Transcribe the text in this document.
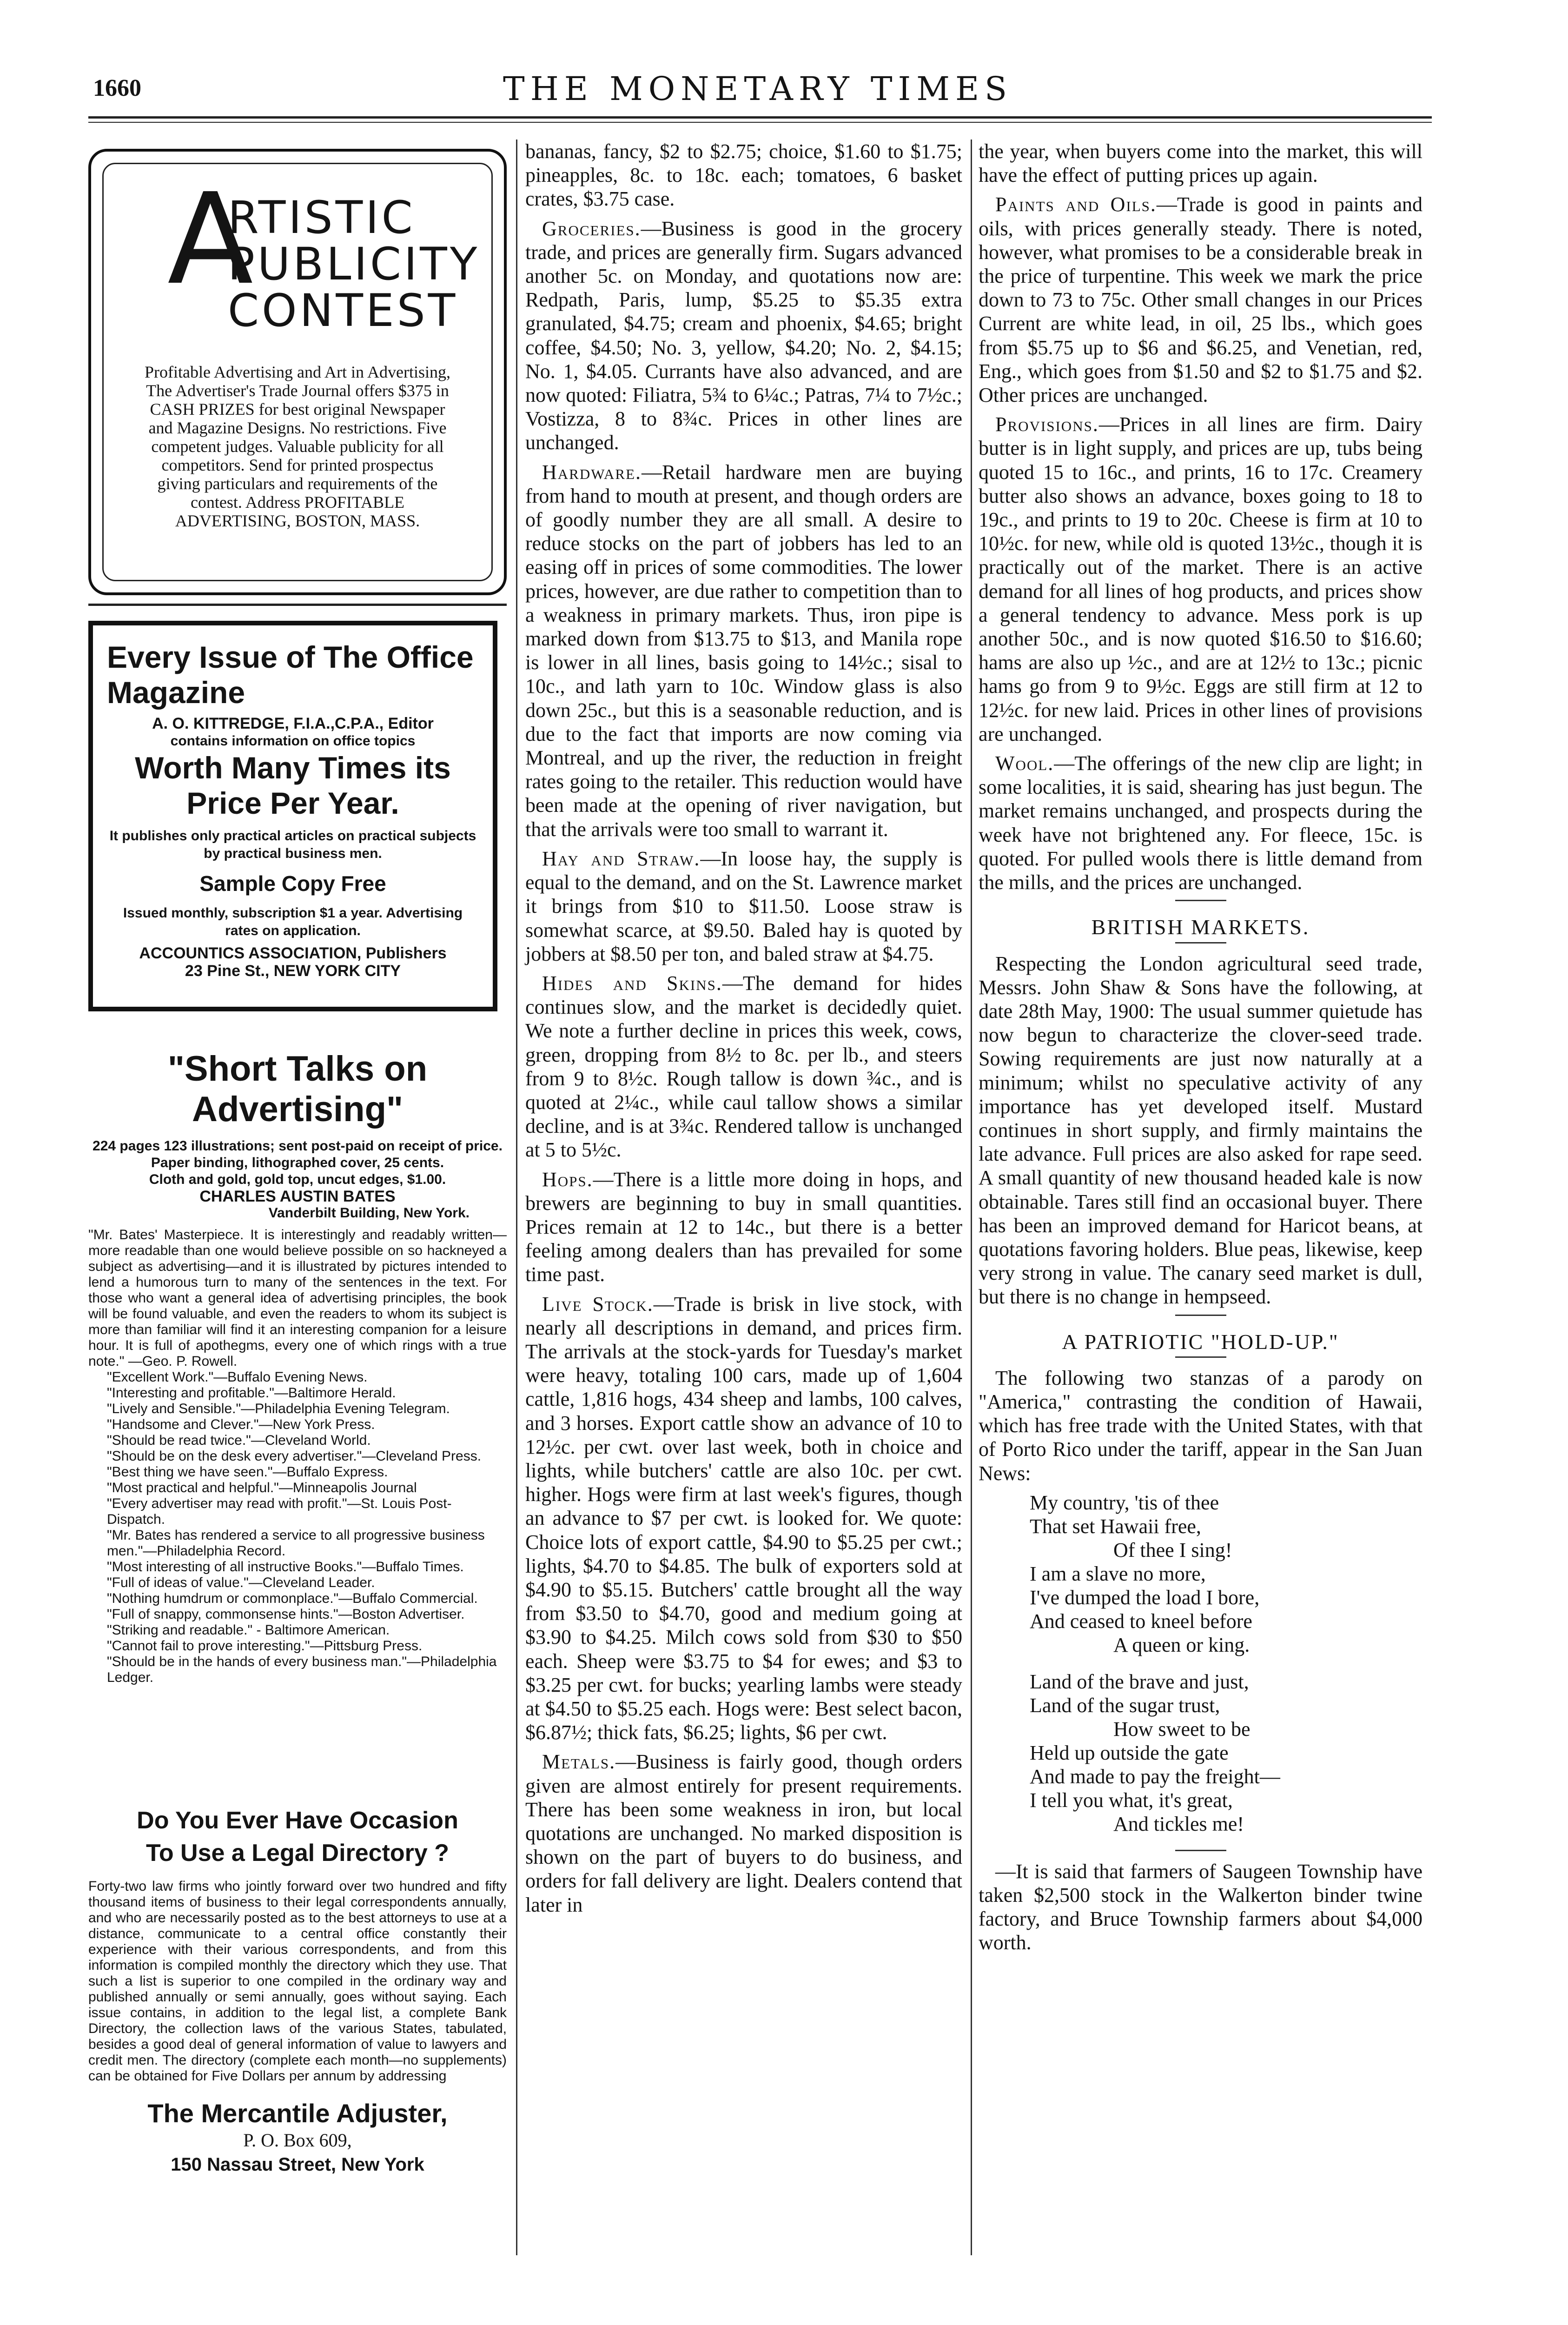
1660	THE MONETARY TIMES
A
RTISTIC
PUBLICITY
CONTEST
Profitable Advertising and Art in Advertising, The Advertiser's Trade Journal offers $375 in CASH PRIZES for best original Newspaper and Magazine Designs. No restrictions. Five competent judges. Valuable publicity for all competitors. Send for printed prospectus giving particulars and requirements of the contest. Address PROFITABLE ADVERTISING, BOSTON, MASS.
Every Issue of The Office Magazine
A. O. KITTREDGE, F.I.A.,C.P.A., Editor
contains information on office topics
Worth Many Times its Price Per Year.
It publishes only practical articles on practical subjects by practical business men.
Sample Copy Free
Issued monthly, subscription $1 a year. Advertising rates on application.
ACCOUNTICS ASSOCIATION, Publishers
23 Pine St., NEW YORK CITY
"Short Talks on Advertising"
224 pages 123 illustrations; sent post-paid on receipt of price.
Paper binding, lithographed cover, 25 cents.
Cloth and gold, gold top, uncut edges, $1.00.
CHARLES AUSTIN BATES
Vanderbilt Building, New York.
"Mr. Bates' Masterpiece. It is interestingly and readably written—more readable than one would believe possible on so hackneyed a subject as advertising—and it is illustrated by pictures intended to lend a humorous turn to many of the sentences in the text. For those who want a general idea of advertising principles, the book will be found valuable, and even the readers to whom its subject is more than familiar will find it an interesting companion for a leisure hour. It is full of apothegms, every one of which rings with a true note." —Geo. P. Rowell.
"Excellent Work."—Buffalo Evening News.
"Interesting and profitable."—Baltimore Herald.
"Lively and Sensible."—Philadelphia Evening Telegram.
"Handsome and Clever."—New York Press.
"Should be read twice."—Cleveland World.
"Should be on the desk every advertiser."—Cleveland Press.
"Best thing we have seen."—Buffalo Express.
"Most practical and helpful."—Minneapolis Journal
"Every advertiser may read with profit."—St. Louis Post-Dispatch.
"Mr. Bates has rendered a service to all progressive business men."—Philadelphia Record.
"Most interesting of all instructive Books."—Buffalo Times.
"Full of ideas of value."—Cleveland Leader.
"Nothing humdrum or commonplace."—Buffalo Commercial.
"Full of snappy, commonsense hints."—Boston Advertiser.
"Striking and readable." - Baltimore American.
"Cannot fail to prove interesting."—Pittsburg Press.
"Should be in the hands of every business man."—Philadelphia Ledger.
Do You Ever Have Occasion
To Use a Legal Directory ?
Forty-two law firms who jointly forward over two hundred and fifty thousand items of business to their legal correspondents annually, and who are necessarily posted as to the best attorneys to use at a distance, communicate to a central office constantly their experience with their various correspondents, and from this information is compiled monthly the directory which they use. That such a list is superior to one compiled in the ordinary way and published annually or semi annually, goes without saying. Each issue contains, in addition to the legal list, a complete Bank Directory, the collection laws of the various States, tabulated, besides a good deal of general information of value to lawyers and credit men. The directory (complete each month—no supplements) can be obtained for Five Dollars per annum by addressing
The Mercantile Adjuster,
P. O. Box 609,
150 Nassau Street, New York

bananas, fancy, $2 to $2.75; choice, $1.60 to $1.75; pineapples, 8c. to 18c. each; tomatoes, 6 basket crates, $3.75 case.

Groceries.—Business is good in the grocery trade, and prices are generally firm. Sugars advanced another 5c. on Monday, and quotations now are: Redpath, Paris, lump, $5.25 to $5.35 extra granulated, $4.75; cream and phoenix, $4.65; bright coffee, $4.50; No. 3, yellow, $4.20; No. 2, $4.15; No. 1, $4.05. Currants have also advanced, and are now quoted: Filiatra, 5¾ to 6¼c.; Patras, 7¼ to 7½c.; Vostizza, 8 to 8¾c. Prices in other lines are unchanged.

Hardware.—Retail hardware men are buying from hand to mouth at present, and though orders are of goodly number they are all small. A desire to reduce stocks on the part of jobbers has led to an easing off in prices of some commodities. The lower prices, however, are due rather to competition than to a weakness in primary markets. Thus, iron pipe is marked down from $13.75 to $13, and Manila rope is lower in all lines, basis going to 14½c.; sisal to 10c., and lath yarn to 10c. Window glass is also down 25c., but this is a seasonable reduction, and is due to the fact that imports are now coming via Montreal, and up the river, the reduction in freight rates going to the retailer. This reduction would have been made at the opening of river navigation, but that the arrivals were too small to warrant it.

Hay and Straw.—In loose hay, the supply is equal to the demand, and on the St. Lawrence market it brings from $10 to $11.50. Loose straw is somewhat scarce, at $9.50. Baled hay is quoted by jobbers at $8.50 per ton, and baled straw at $4.75.

Hides and Skins.—The demand for hides continues slow, and the market is decidedly quiet. We note a further decline in prices this week, cows, green, dropping from 8½ to 8c. per lb., and steers from 9 to 8½c. Rough tallow is down ¾c., and is quoted at 2¼c., while caul tallow shows a similar decline, and is at 3¾c. Rendered tallow is unchanged at 5 to 5½c.

Hops.—There is a little more doing in hops, and brewers are beginning to buy in small quantities. Prices remain at 12 to 14c., but there is a better feeling among dealers than has prevailed for some time past.

Live Stock.—Trade is brisk in live stock, with nearly all descriptions in demand, and prices firm. The arrivals at the stock-yards for Tuesday's market were heavy, totaling 100 cars, made up of 1,604 cattle, 1,816 hogs, 434 sheep and lambs, 100 calves, and 3 horses. Export cattle show an advance of 10 to 12½c. per cwt. over last week, both in choice and lights, while butchers' cattle are also 10c. per cwt. higher. Hogs were firm at last week's figures, though an advance to $7 per cwt. is looked for. We quote: Choice lots of export cattle, $4.90 to $5.25 per cwt.; lights, $4.70 to $4.85. The bulk of exporters sold at $4.90 to $5.15. Butchers' cattle brought all the way from $3.50 to $4.70, good and medium going at $3.90 to $4.25. Milch cows sold from $30 to $50 each. Sheep were $3.75 to $4 for ewes; and $3 to $3.25 per cwt. for bucks; yearling lambs were steady at $4.50 to $5.25 each. Hogs were: Best select bacon, $6.87½; thick fats, $6.25; lights, $6 per cwt.

Metals.—Business is fairly good, though orders given are almost entirely for present requirements. There has been some weakness in iron, but local quotations are unchanged. No marked disposition is shown on the part of buyers to do business, and orders for fall delivery are light. Dealers contend that later in

the year, when buyers come into the market, this will have the effect of putting prices up again.

Paints and Oils.—Trade is good in paints and oils, with prices generally steady. There is noted, however, what promises to be a considerable break in the price of turpentine. This week we mark the price down to 73 to 75c. Other small changes in our Prices Current are white lead, in oil, 25 lbs., which goes from $5.75 up to $6 and $6.25, and Venetian, red, Eng., which goes from $1.50 and $2 to $1.75 and $2. Other prices are unchanged.

Provisions.—Prices in all lines are firm. Dairy butter is in light supply, and prices are up, tubs being quoted 15 to 16c., and prints, 16 to 17c. Creamery butter also shows an advance, boxes going to 18 to 19c., and prints to 19 to 20c. Cheese is firm at 10 to 10½c. for new, while old is quoted 13½c., though it is practically out of the market. There is an active demand for all lines of hog products, and prices show a general tendency to advance. Mess pork is up another 50c., and is now quoted $16.50 to $16.60; hams are also up ½c., and are at 12½ to 13c.; picnic hams go from 9 to 9½c. Eggs are still firm at 12 to 12½c. for new laid. Prices in other lines of provisions are unchanged.

Wool.—The offerings of the new clip are light; in some localities, it is said, shearing has just begun. The market remains unchanged, and prospects during the week have not brightened any. For fleece, 15c. is quoted. For pulled wools there is little demand from the mills, and the prices are unchanged.

BRITISH MARKETS.

Respecting the London agricultural seed trade, Messrs. John Shaw & Sons have the following, at date 28th May, 1900: The usual summer quietude has now begun to characterize the clover-seed trade. Sowing requirements are just now naturally at a minimum; whilst no speculative activity of any importance has yet developed itself. Mustard continues in short supply, and firmly maintains the late advance. Full prices are also asked for rape seed. A small quantity of new thousand headed kale is now obtainable. Tares still find an occasional buyer. There has been an improved demand for Haricot beans, at quotations favoring holders. Blue peas, likewise, keep very strong in value. The canary seed market is dull, but there is no change in hempseed.

A PATRIOTIC "HOLD-UP."

The following two stanzas of a parody on "America," contrasting the condition of Hawaii, which has free trade with the United States, with that of Porto Rico under the tariff, appear in the San Juan News:

My country, 'tis of thee
That set Hawaii free,
Of thee I sing!
I am a slave no more,
I've dumped the load I bore,
And ceased to kneel before
A queen or king.
Land of the brave and just,
Land of the sugar trust,
How sweet to be
Held up outside the gate
And made to pay the freight—
I tell you what, it's great,
And tickles me!

—It is said that farmers of Saugeen Township have taken $2,500 stock in the Walkerton binder twine factory, and Bruce Township farmers about $4,000 worth.
